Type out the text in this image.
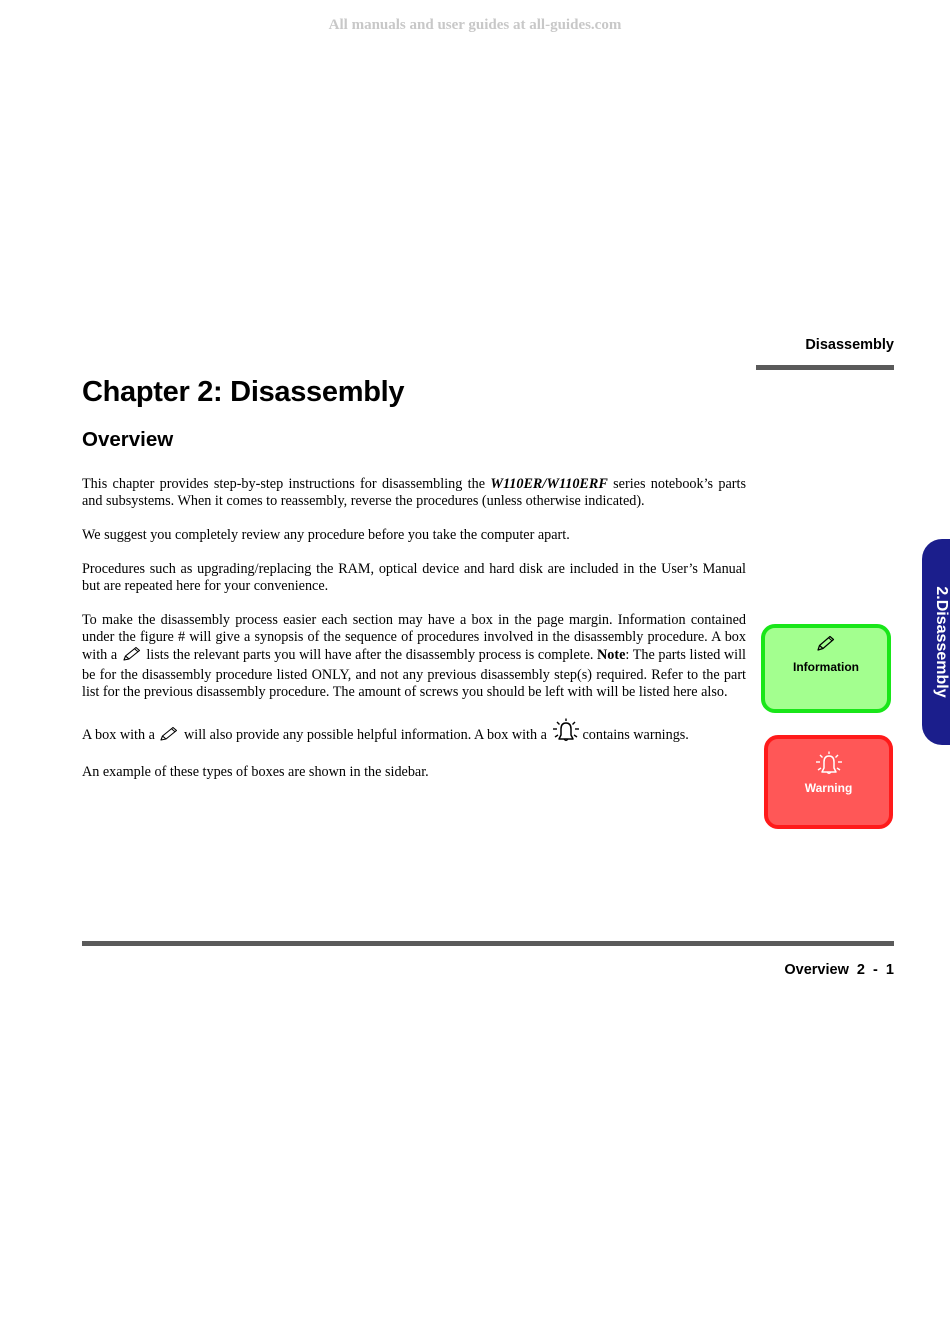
All manuals and user guides at all-guides.com
Disassembly
Chapter 2: Disassembly
Overview

This chapter provides step-by-step instructions for disassembling the W110ER/W110ERF series notebook’s parts and subsystems. When it comes to reassembly, reverse the procedures (unless otherwise indicated).

We suggest you completely review any procedure before you take the computer apart.

Procedures such as upgrading/replacing the RAM, optical device and hard disk are included in the User’s Manual but are repeated here for your convenience.

To make the disassembly process easier each section may have a box in the page margin. Information contained under the figure # will give a synopsis of the sequence of procedures involved in the disassembly procedure. A box with a  lists the relevant parts you will have after the disassembly process is complete. Note: The parts listed will be for the disassembly procedure listed ONLY, and not any previous disassembly step(s) required. Refer to the part list for the previous disassembly procedure. The amount of screws you should be left with will be listed here also.

A box with a  will also provide any possible helpful information. A box with a contains warnings.

An example of these types of boxes are shown in the sidebar.

2.Disassembly
Information
Warning
Overview 2  -  1
